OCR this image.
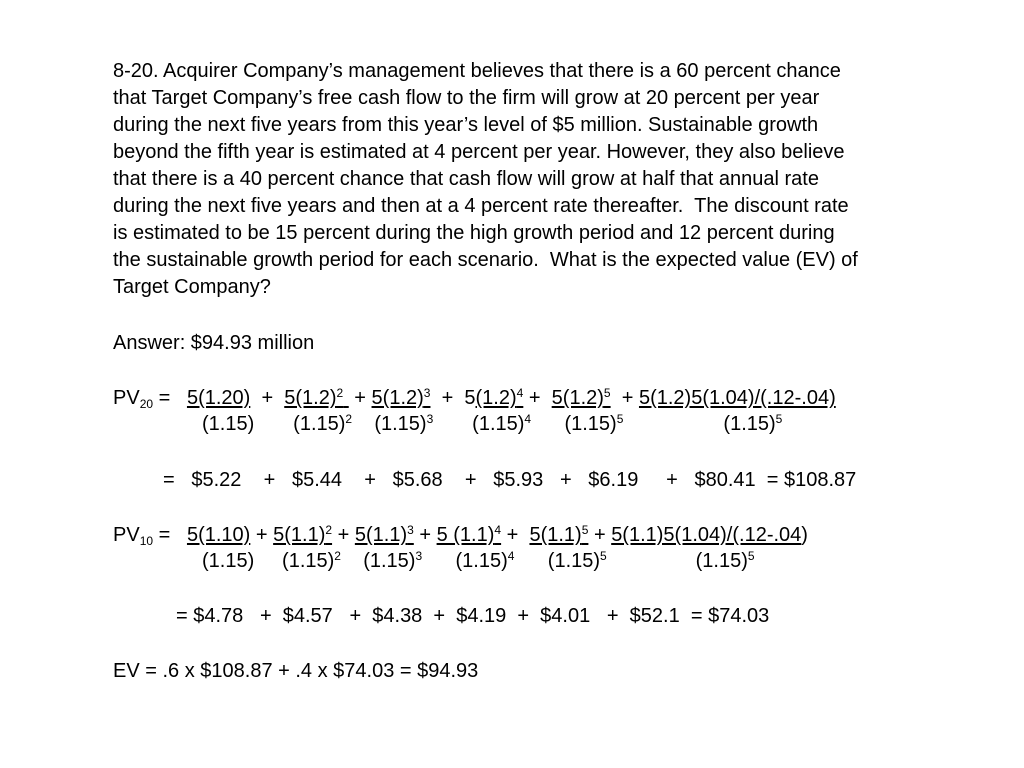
8-20. Acquirer Company’s management believes that there is a 60 percent chance
that Target Company’s free cash flow to the firm will grow at 20 percent per year
during the next five years from this year’s level of $5 million. Sustainable growth
beyond the fifth year is estimated at 4 percent per year. However, they also believe
that there is a 40 percent chance that cash flow will grow at half that annual rate
during the next five years and then at a 4 percent rate thereafter.  The discount rate
is estimated to be 15 percent during the high growth period and 12 percent during
the sustainable growth period for each scenario.  What is the expected value (EV) of
Target Company?
Answer: $94.93 million
$PV_{20} = 5(1.20) + 5(1.2)^2 + 5(1.2)^3 + 5(1.2)^4 + 5(1.2)^5 + 5(1.2)5(1.04)/(.12-.04)$
(1.15) $(1.15)^2$ $(1.15)^3$ $(1.15)^4$ $(1.15)^5$	$(1.15)^5$
=   $5.22    +   $5.44    +   $5.68    +   $5.93   +   $6.19     +   $80.41  = $108.87
$PV_{10} = 5(1.10) + 5(1.1)^2 + 5(1.1)^3 + 5$ $(1.1)^4 + 5(1.1)^5 + 5(1.1)5(1.04)/(.12-.04)$
(1.15) $(1.15)^2$ $(1.15)^3$ $(1.15)^4$ $(1.15)^5$	$(1.15)^5$
= $4.78   +  $4.57   +  $4.38  +  $4.19  +  $4.01   +  $52.1  = $74.03
EV = .6 x $108.87 + .4 x $74.03 = $94.93
